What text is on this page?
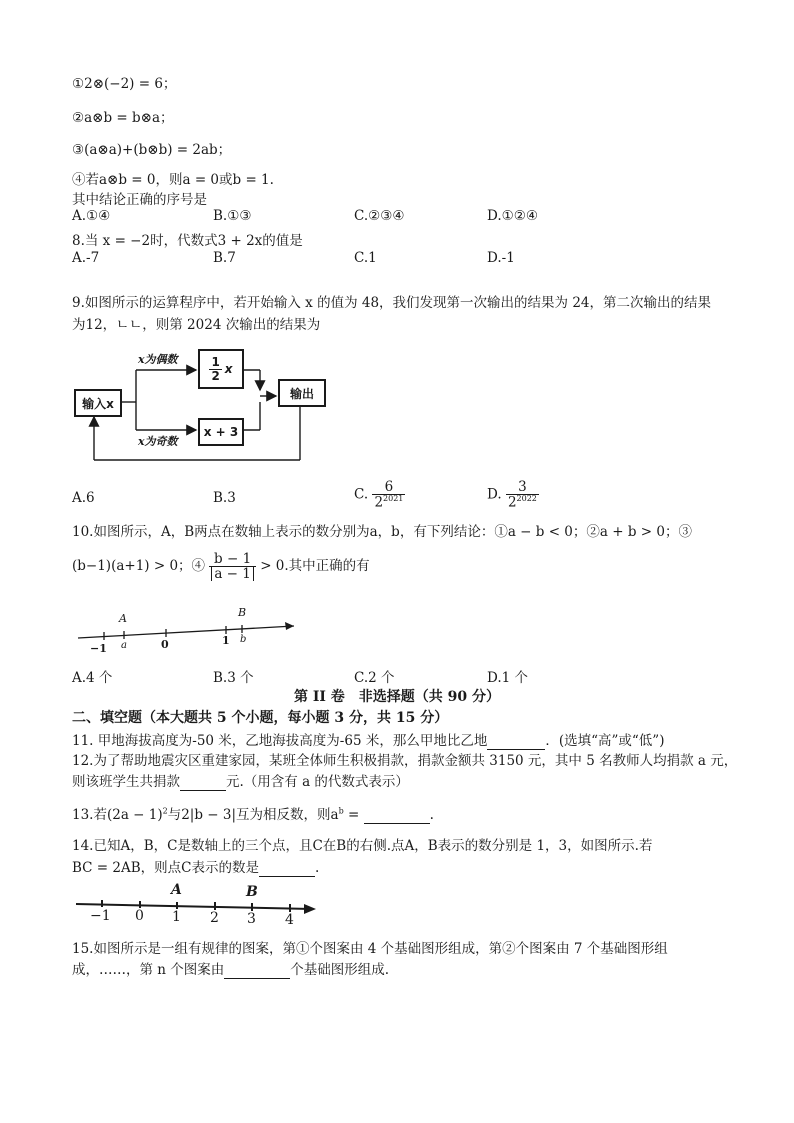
①2⊗(−2) = 6；
②a⊗b = b⊗a；
③(a⊗a)+(b⊗b) = 2ab；
④若a⊗b = 0，则a = 0或b = 1.
其中结论正确的序号是
A.①④	B.①③	C.②③④	D.①②④
8.当 x = −2时，代数式3 + 2x的值是
A.-7	B.7	C.1	D.-1
9.如图所示的运算程序中，若开始输入 x 的值为 48，我们发现第一次输出的结果为 24，第二次输出的结果
为12，ㄴㄴ，则第 2024 次输出的结果为
输入x
x为偶数
x为奇数
$\frac{1}{2}$ x
x + 3
输出
A.6	B.3	C. $\frac{6}{2^{2021}}$	D. $\frac{3}{2^{2022}}$
10.如图所示，A，B两点在数轴上表示的数分别为a，b，有下列结论：①a − b < 0；②a + b > 0；③
(b−1)(a+1) > 0；④ $\frac{b - 1}{a - 1} > 0$.其中正确的有
A
a
B
b
−1	0	1
A.4 个	B.3 个	C.2 个	D.1 个
第 II 卷　非选择题（共 90 分）
二、填空题（本大题共 5 个小题，每小题 3 分，共 15 分）
11. 甲地海拔高度为-50 米，乙地海拔高度为-65 米，那么甲地比乙地	．(选填“高”或“低”)
12.为了帮助地震灾区重建家园，某班全体师生积极捐款，捐款金额共 3150 元，其中 5 名教师人均捐款 a 元，
则该班学生共捐款	元.（用含有 a 的代数式表示）
13.若$(2a - 1)^2$与2|b − 3|互为相反数，则$a^b$ =	.
14.已知A，B，C是数轴上的三个点，且C在B的右侧.点A，B表示的数分别是 1，3，如图所示.若
BC = 2AB，则点C表示的数是	.
A	B
−1 0 1 2 3 4
15.如图所示是一组有规律的图案，第①个图案由 4 个基础图形组成，第②个图案由 7 个基础图形组
成，……，第 n 个图案由	个基础图形组成.
